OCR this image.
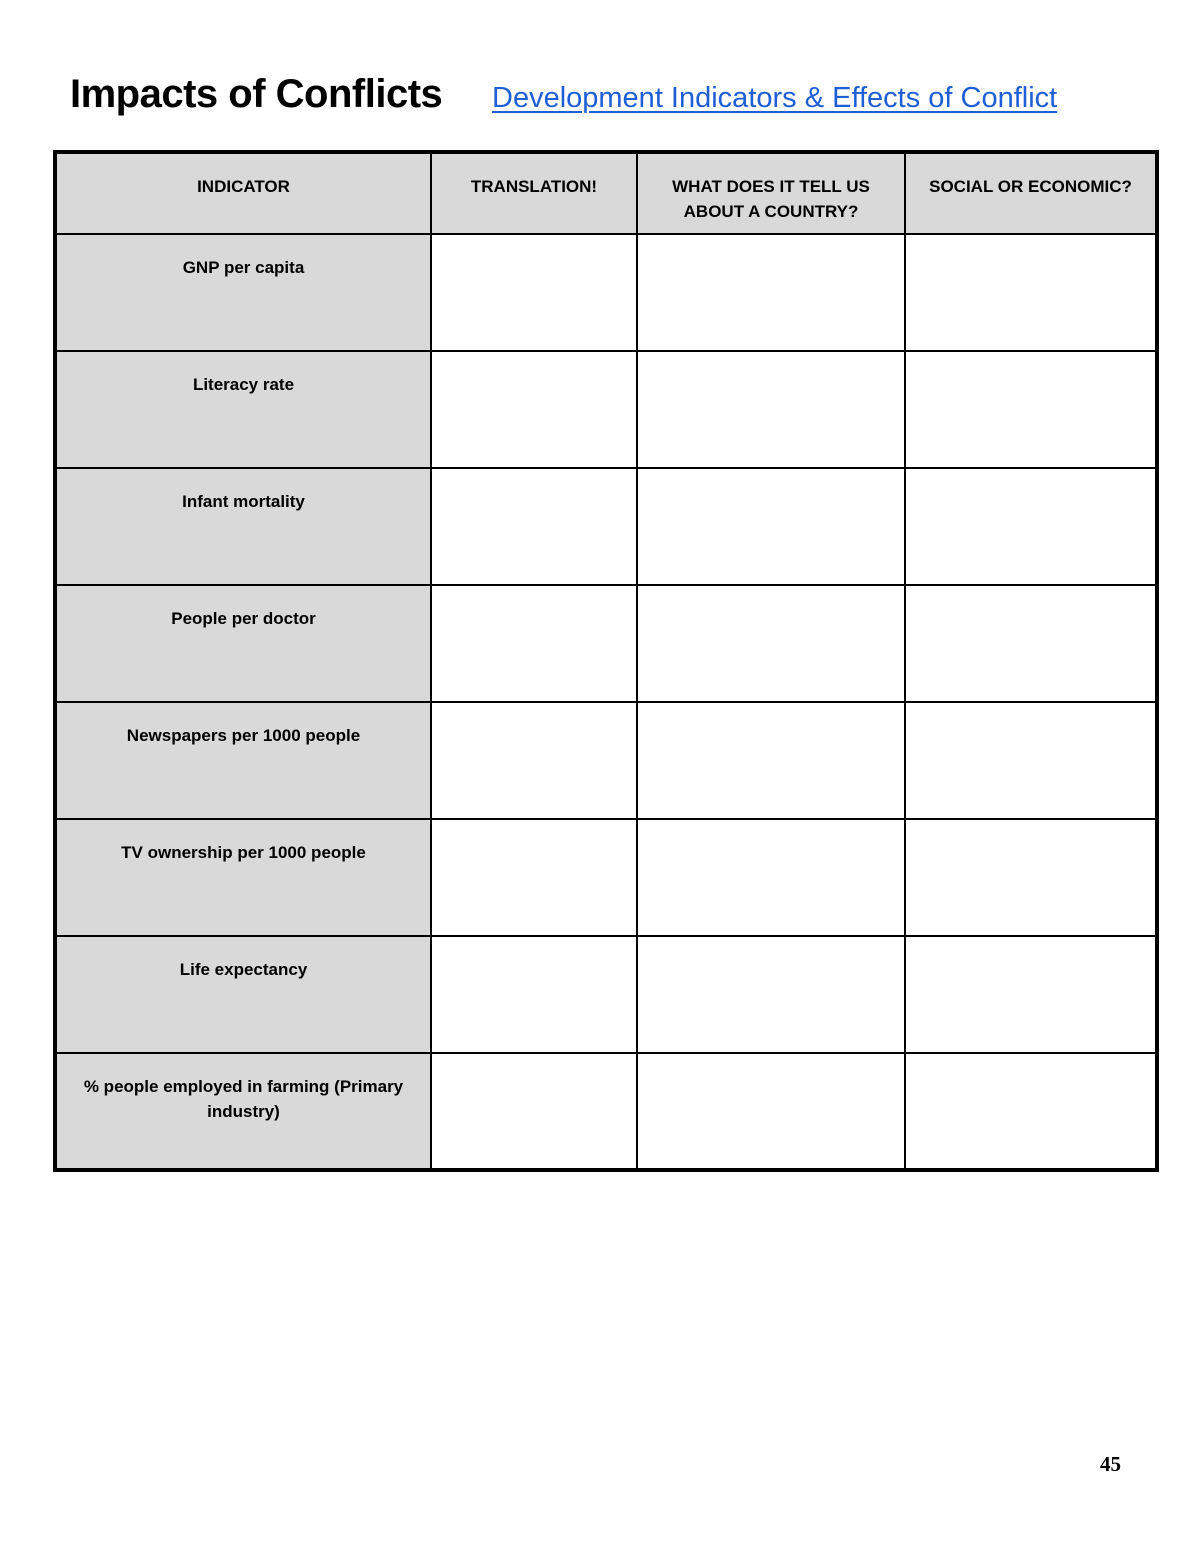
Impacts of Conflicts Development Indicators & Effects of Conflict
INDICATOR	TRANSLATION!	WHAT DOES IT TELL US ABOUT A COUNTRY?	SOCIAL OR ECONOMIC?
GNP per capita			
Literacy rate			
Infant mortality			
People per doctor			
Newspapers per 1000 people			
TV ownership per 1000 people			
Life expectancy			
% people employed in farming (Primary industry)			
45
